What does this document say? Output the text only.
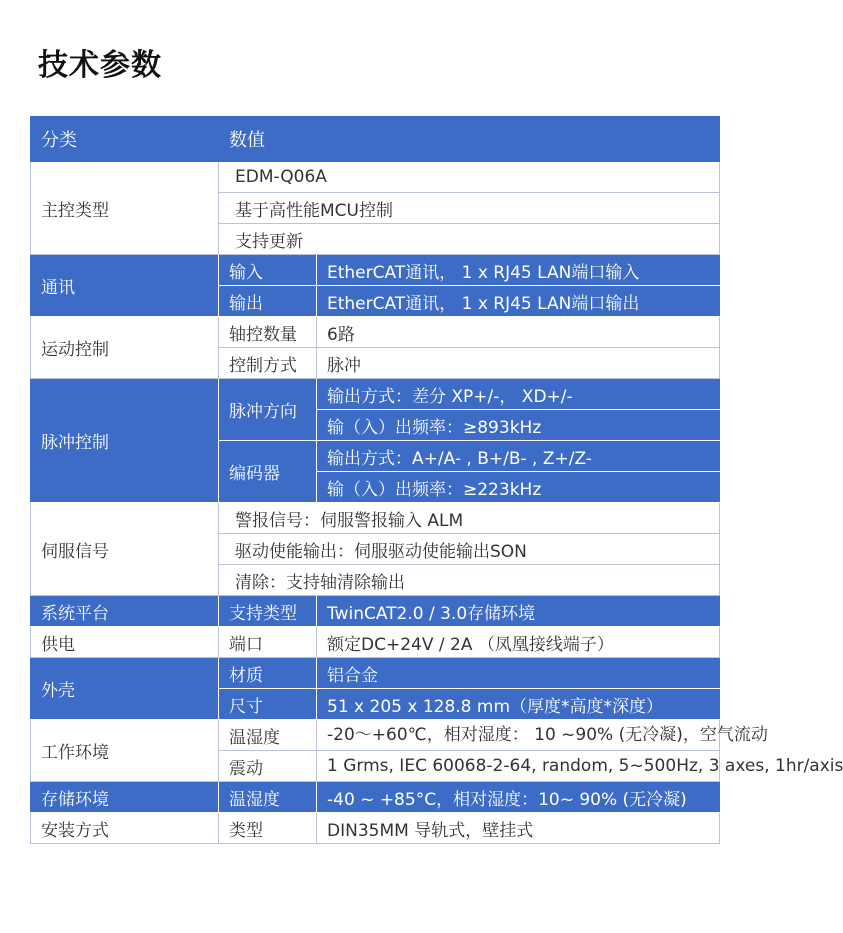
技术参数
分类	数值	
主控类型	EDM-Q06A	
	基于高性能MCU控制	
	支持更新	
通讯	输入	EtherCAT通讯， 1 x RJ45 LAN端口输入
	输出	EtherCAT通讯， 1 x RJ45 LAN端口输出
运动控制	轴控数量	6路
	控制方式	脉冲
脉冲控制	脉冲方向	输出方式：差分 XP+/-， XD+/-
		输（入）出频率：≥893kHz
	编码器	输出方式：A+/A- , B+/B- , Z+/Z-
		输（入）出频率：≥223kHz
伺服信号	警报信号：伺服警报输入 ALM	
	驱动使能输出：伺服驱动使能输出SON	
	清除：支持轴清除输出	
系统平台	支持类型	TwinCAT2.0 / 3.0存储环境
供电	端口	额定DC+24V / 2A （凤凰接线端子）
外壳	材质	铝合金
	尺寸	51 x 205 x 128.8 mm（厚度*高度*深度）
工作环境	温湿度	-20～+60℃，相对湿度： 10 ~90% (无冷凝)，空气流动
	震动	1 Grms, IEC 60068-2-64, random, 5~500Hz, 3 axes, 1hr/axis
存储环境	温湿度	-40 ~ +85°C，相对湿度：10~ 90% (无冷凝)
安装方式	类型	DIN35MM 导轨式，壁挂式
